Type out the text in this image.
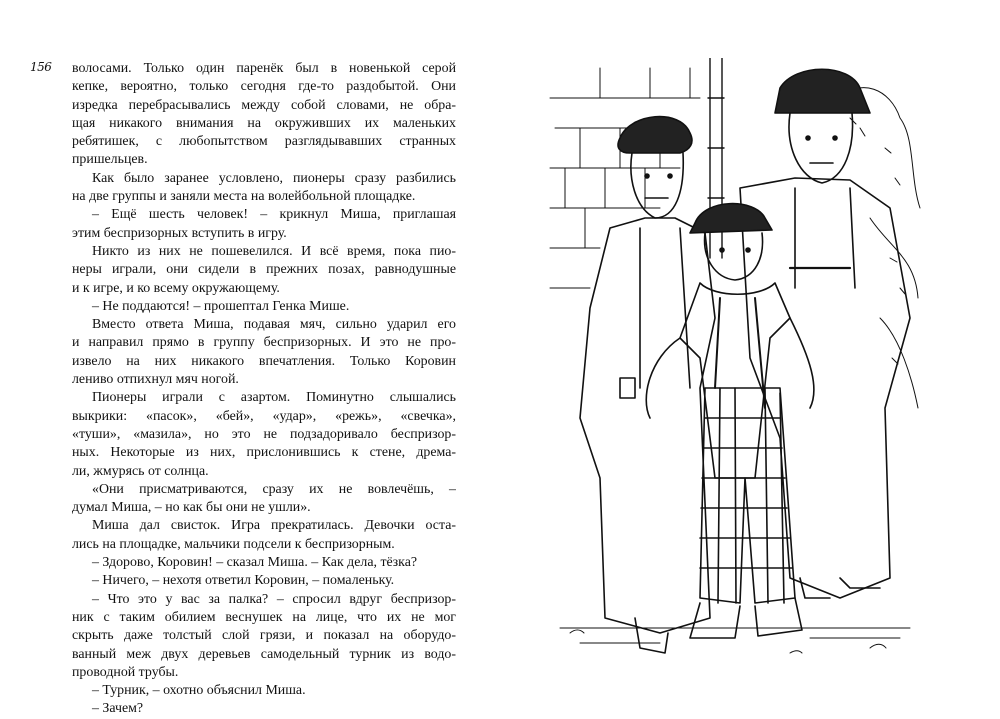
156 волосами. Только один паренёк был в новенькой серой
кепке, вероятно, только сегодня где-то раздобытой. Они
изредка перебрасывались между собой словами, не обра-
щая никакого внимания на окруживших их маленьких
ребятишек, с любопытством разглядывавших странных
пришельцев.
Как было заранее условлено, пионеры сразу разбились
на две группы и заняли места на волейбольной площадке.
– Ещё шесть человек! – крикнул Миша, приглашая
этим беспризорных вступить в игру.
Никто из них не пошевелился. И всё время, пока пио-
неры играли, они сидели в прежних позах, равнодушные
и к игре, и ко всему окружающему.
– Не поддаются! – прошептал Генка Мише.
Вместо ответа Миша, подавая мяч, сильно ударил его
и направил прямо в группу беспризорных. И это не про-
извело на них никакого впечатления. Только Коровин
лениво отпихнул мяч ногой.
Пионеры играли с азартом. Поминутно слышались
выкрики: «пасок», «бей», «удар», «режь», «свечка»,
«туши», «мазила», но это не подзадоривало беспризор-
ных. Некоторые из них, прислонившись к стене, дрема-
ли, жмурясь от солнца.
«Они присматриваются, сразу их не вовлечёшь, –
думал Миша, – но как бы они не ушли».
Миша дал свисток. Игра прекратилась. Девочки оста-
лись на площадке, мальчики подсели к беспризорным.
– Здорово, Коровин! – сказал Миша. – Как дела, тёзка?
– Ничего, – нехотя ответил Коровин, – помаленьку.
– Что это у вас за палка? – спросил вдруг беспризор-
ник с таким обилием веснушек на лице, что их не мог
скрыть даже толстый слой грязи, и показал на оборудо-
ванный меж двух деревьев самодельный турник из водо-
проводной трубы.
– Турник, – охотно объяснил Миша.
– Зачем?
